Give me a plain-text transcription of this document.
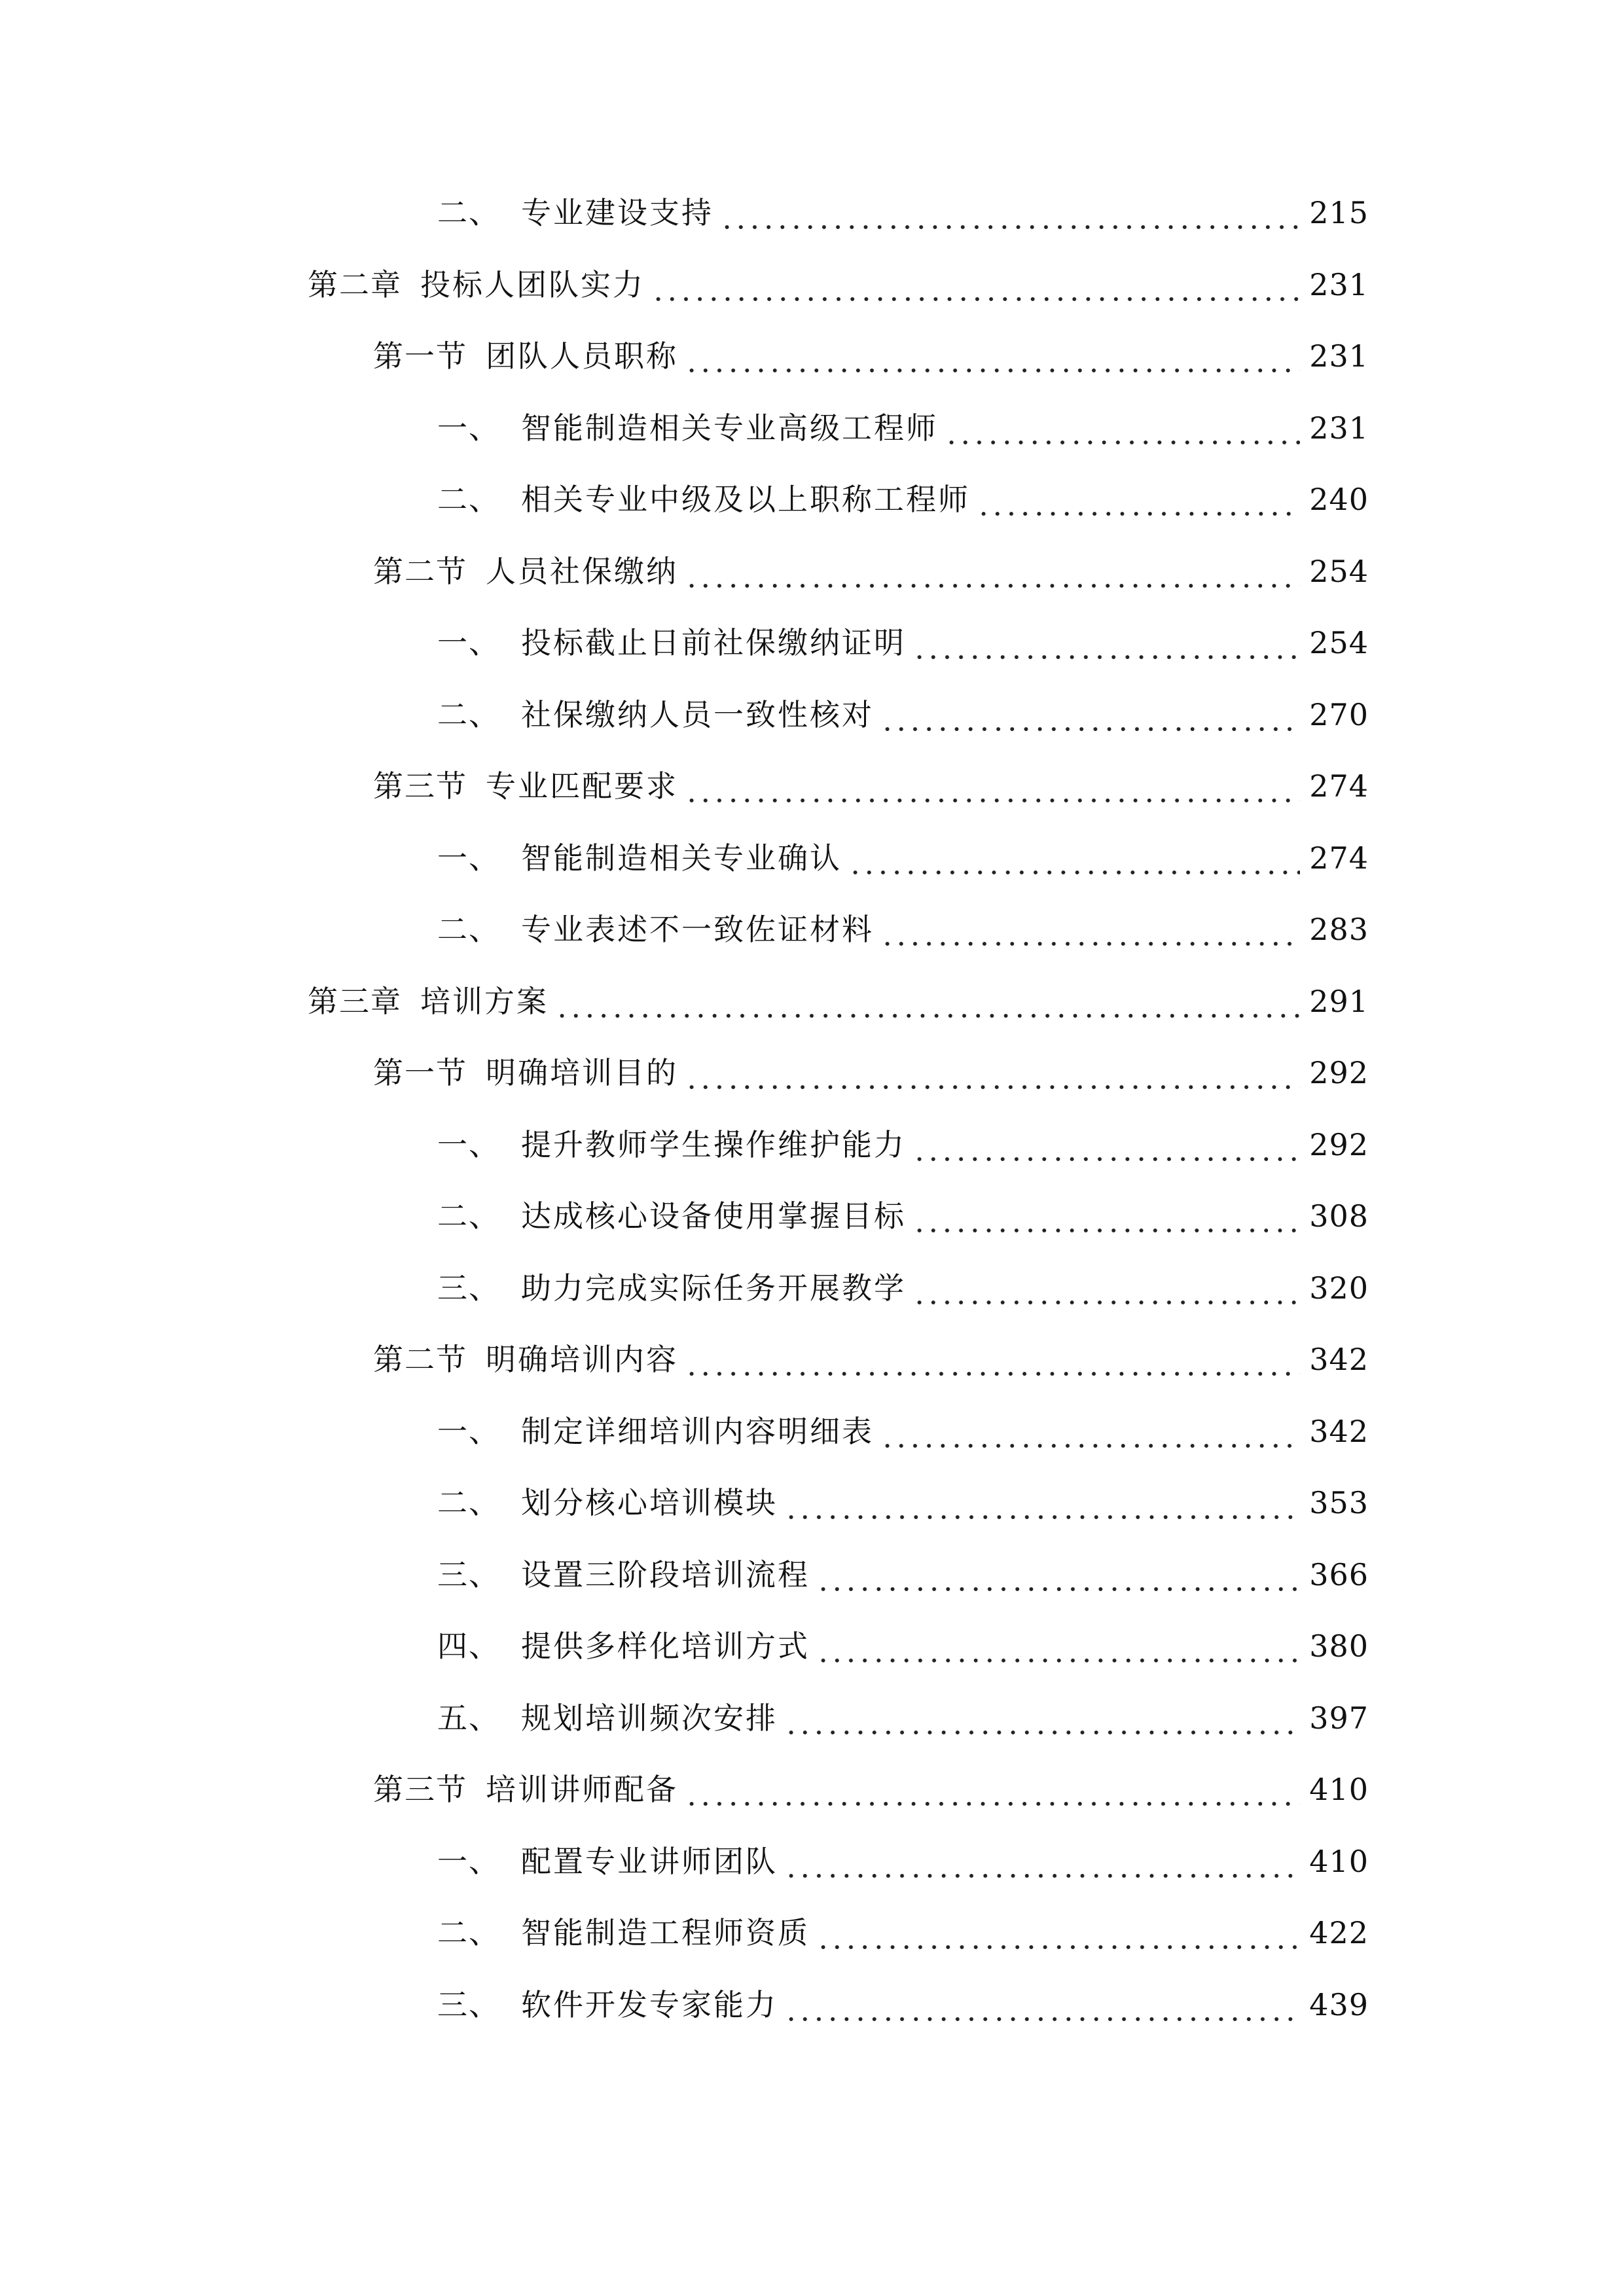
二、 专业建设支持	215
第二章 投标人团队实力	231
第一节 团队人员职称	231
一、 智能制造相关专业高级工程师	231
二、 相关专业中级及以上职称工程师	240
第二节 人员社保缴纳	254
一、 投标截止日前社保缴纳证明	254
二、 社保缴纳人员一致性核对	270
第三节 专业匹配要求	274
一、 智能制造相关专业确认	274
二、 专业表述不一致佐证材料	283
第三章 培训方案	291
第一节 明确培训目的	292
一、 提升教师学生操作维护能力	292
二、 达成核心设备使用掌握目标	308
三、 助力完成实际任务开展教学	320
第二节 明确培训内容	342
一、 制定详细培训内容明细表	342
二、 划分核心培训模块	353
三、 设置三阶段培训流程	366
四、 提供多样化培训方式	380
五、 规划培训频次安排	397
第三节 培训讲师配备	410
一、 配置专业讲师团队	410
二、 智能制造工程师资质	422
三、 软件开发专家能力	439
